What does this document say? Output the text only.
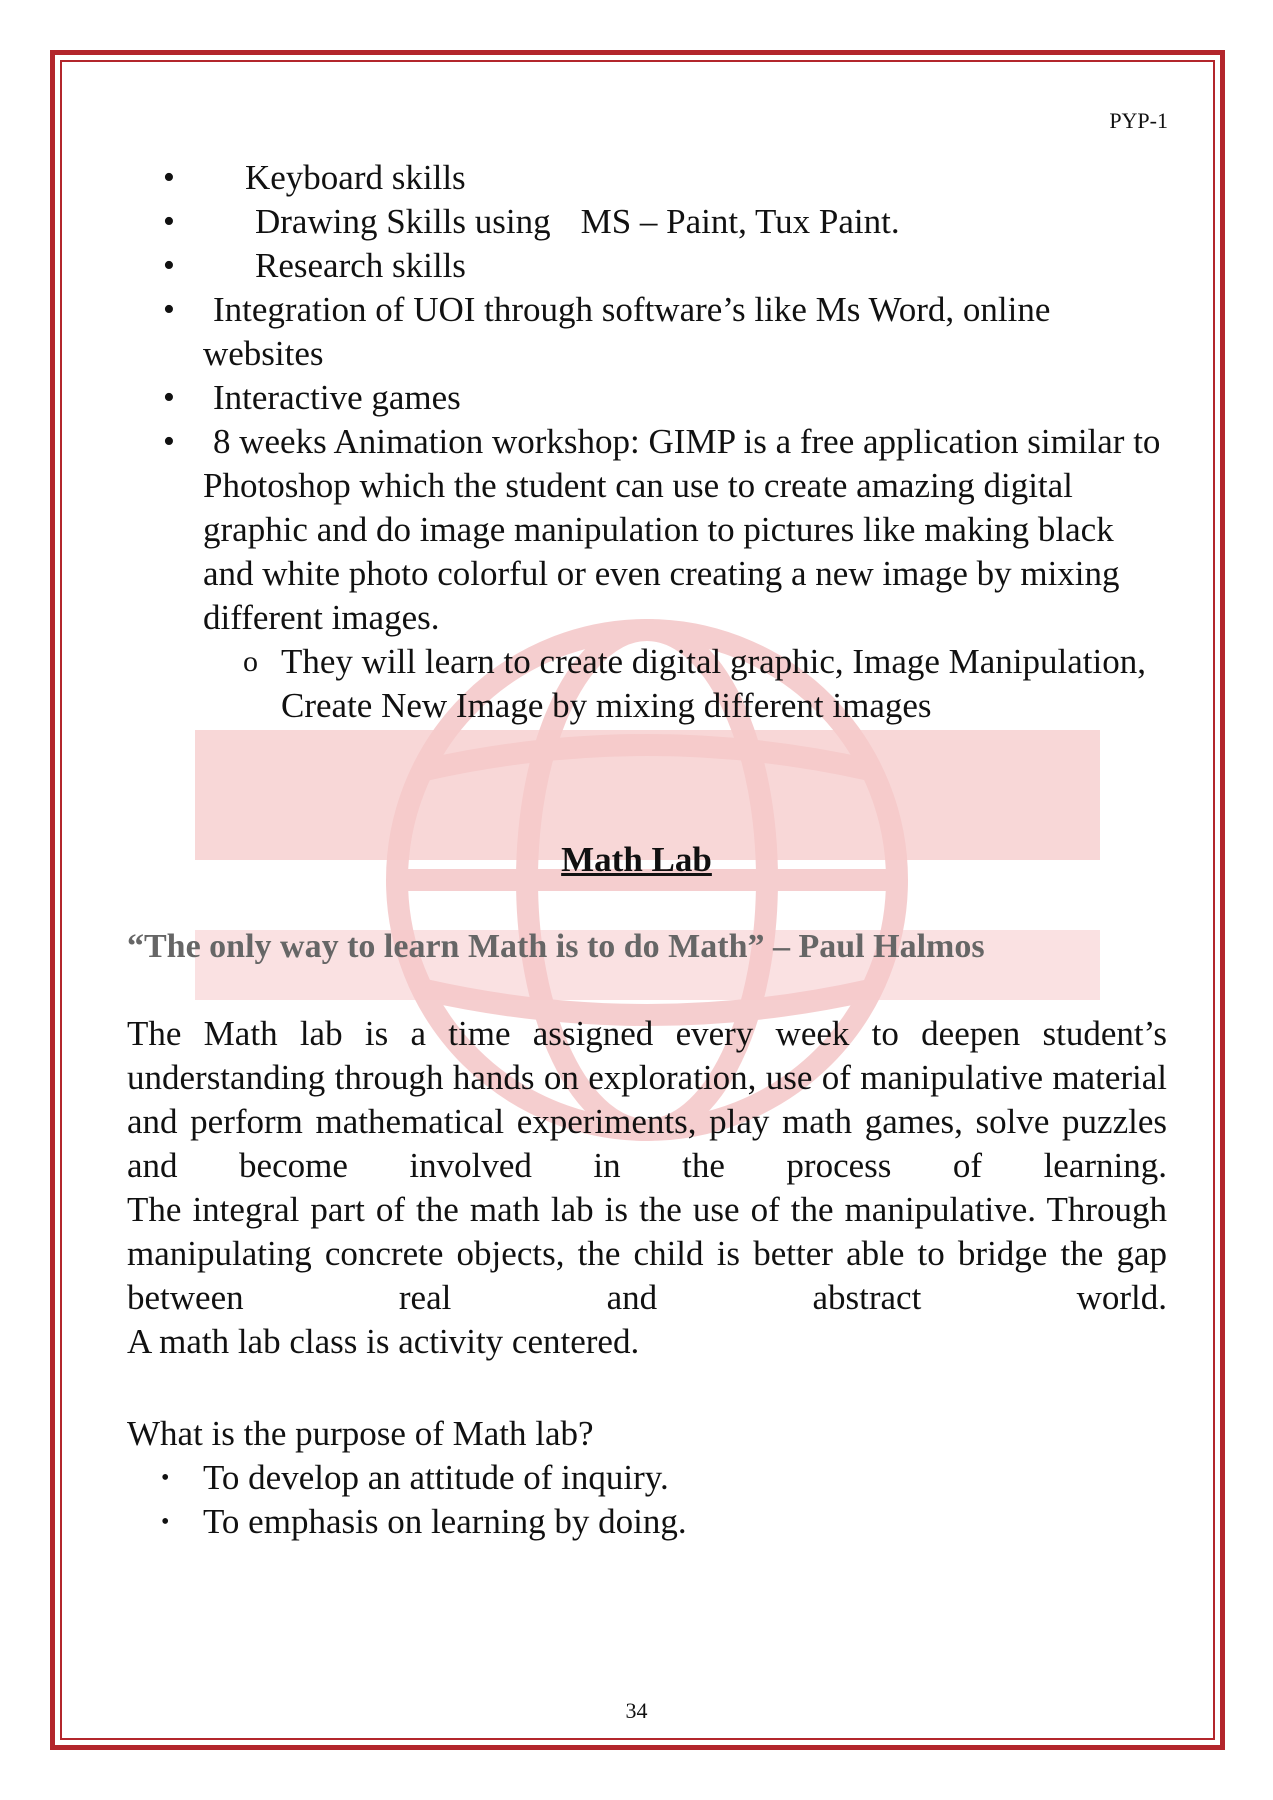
PYP-1
• Keyboard skills
• Drawing Skills using MS – Paint, Tux Paint.
• Research skills
• Integration of UOI through software’s like Ms Word, online websites
• Interactive games
• 8 weeks Animation workshop: GIMP is a free application similar to Photoshop which the student can use to create amazing digital graphic and do image manipulation to pictures like making black and white photo colorful or even creating a new image by mixing different images.
o They will learn to create digital graphic, Image Manipulation, Create New Image by mixing different images
Math Lab
“The only way to learn Math is to do Math” – Paul Halmos
The Math lab is a time assigned every week to deepen student’s understanding through hands on exploration, use of manipulative material and perform mathematical experiments, play math games, solve puzzles and become involved in the process of learning.
The integral part of the math lab is the use of the manipulative. Through manipulating concrete objects, the child is better able to bridge the gap between real and abstract world.
A math lab class is activity centered.
What is the purpose of Math lab?
• To develop an attitude of inquiry.
• To emphasis on learning by doing.
34
